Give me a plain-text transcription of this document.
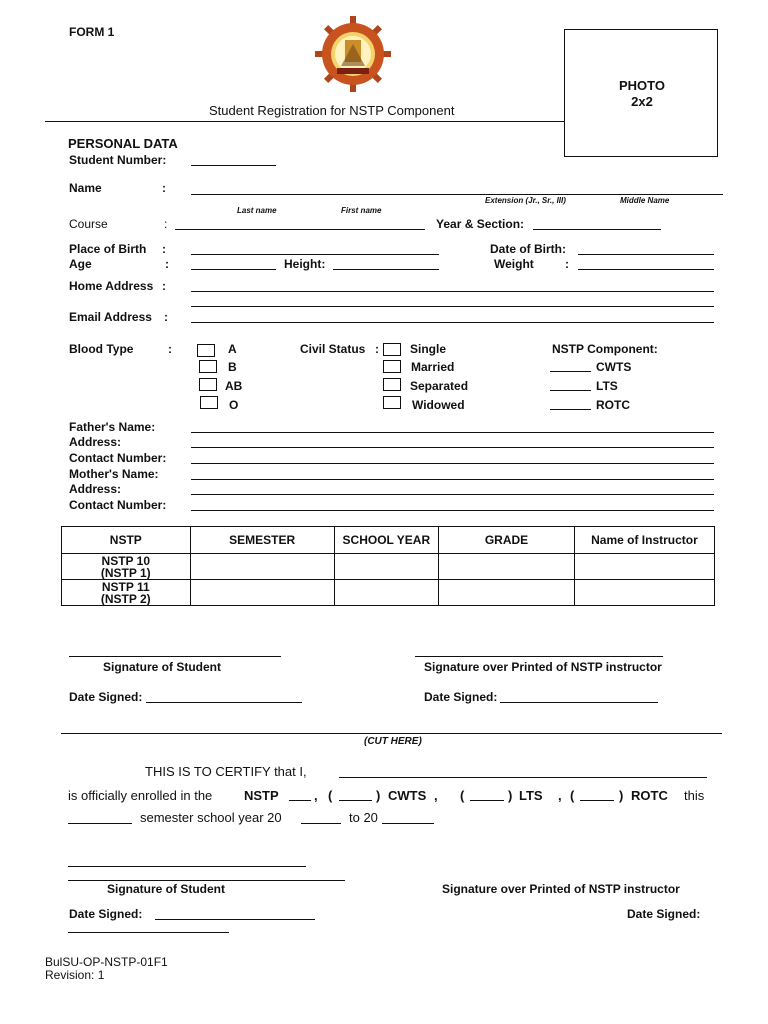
FORM 1
Student Registration for NSTP Component
PHOTO
2x2
PERSONAL DATA
Student Number:
Name	:
Extension (Jr., Sr., III)	Middle Name
Last name	First name
Course	:	Year & Section:
Place of Birth :	Date of Birth:
Age	:	Height:	Weight	:
Home Address :
Email Address :
Blood Type	:	A
B
AB
O
Civil Status :	Single
Married
Separated
Widowed
NSTP Component:
CWTS
LTS
ROTC
Father's Name:
Address:
Contact Number:
Mother's Name:
Address:
Contact Number:
NSTP	SEMESTER	SCHOOL YEAR	GRADE	Name of Instructor
NSTP 10 (NSTP 1)				
NSTP 11 (NSTP 2)				
Signature of Student	Signature over Printed of NSTP instructor
Date Signed:	Date Signed:
(CUT HERE)
THIS IS TO CERTIFY that I,
is officially enrolled in the NSTP	, (	) CWTS , (	) LTS , (	) ROTC this
semester school year 20	to 20
Signature of Student	Signature over Printed of NSTP instructor
Date Signed:	Date Signed:
BulSU-OP-NSTP-01F1
Revision: 1
